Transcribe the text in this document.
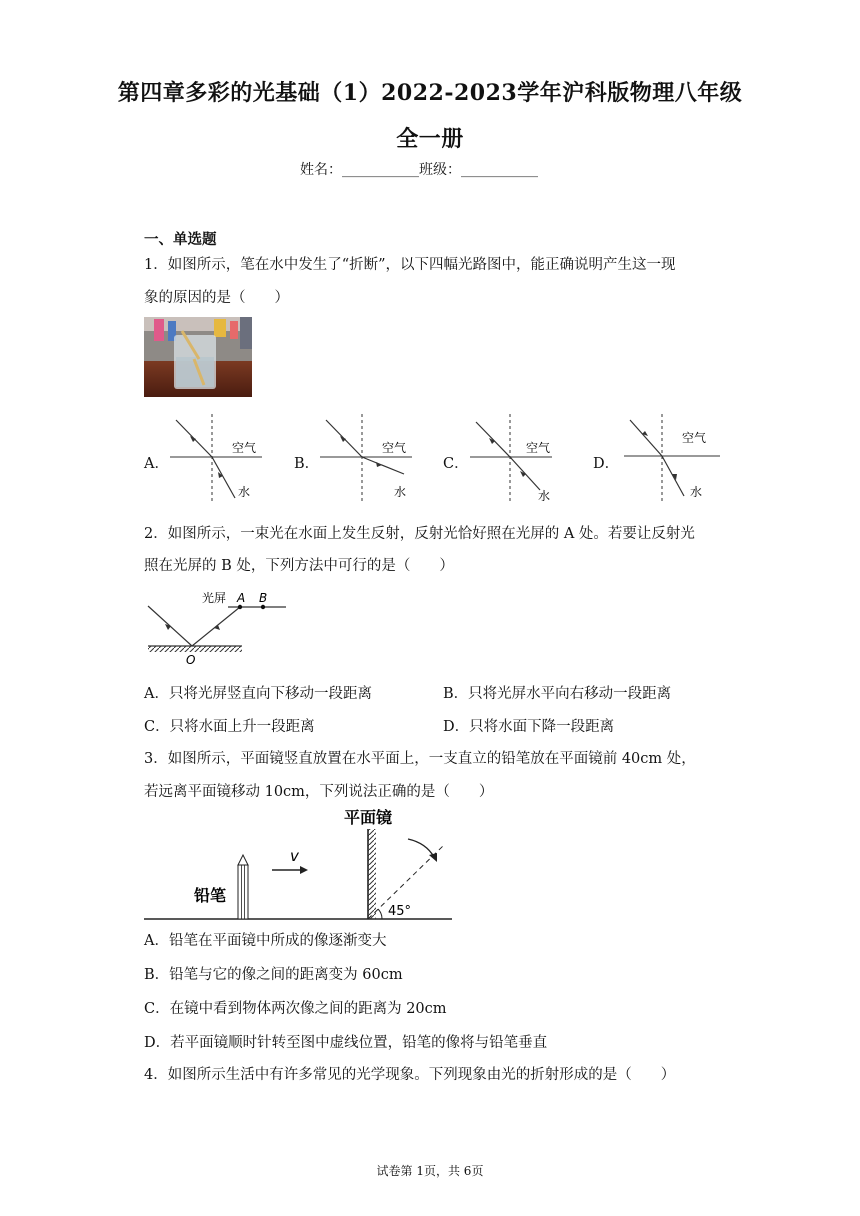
第四章多彩的光基础（1）2022-2023学年沪科版物理八年级
全一册
姓名：___________班级：___________
一、单选题
1．如图所示，笔在水中发生了“折断”，以下四幅光路图中，能正确说明产生这一现
象的原因的是（　　）
A．	B．	C．	D．
空气
水
空气
水
空气
水
空气
水
2．如图所示，一束光在水面上发生反射，反射光恰好照在光屏的 A 处。若要让反射光
照在光屏的 B 处，下列方法中可行的是（　　）
光屏 A B
O
A．只将光屏竖直向下移动一段距离	B．只将光屏水平向右移动一段距离
C．只将水面上升一段距离	D．只将水面下降一段距离
3．如图所示，平面镜竖直放置在水平面上，一支直立的铅笔放在平面镜前 40cm 处，
若远离平面镜移动 10cm，下列说法正确的是（　　）
平面镜
45°
铅笔
v
A．铅笔在平面镜中所成的像逐渐变大
B．铅笔与它的像之间的距离变为 60cm
C．在镜中看到物体两次像之间的距离为 20cm
D．若平面镜顺时针转至图中虚线位置，铅笔的像将与铅笔垂直
4．如图所示生活中有许多常见的光学现象。下列现象由光的折射形成的是（　　）
试卷第 1页，共 6页
